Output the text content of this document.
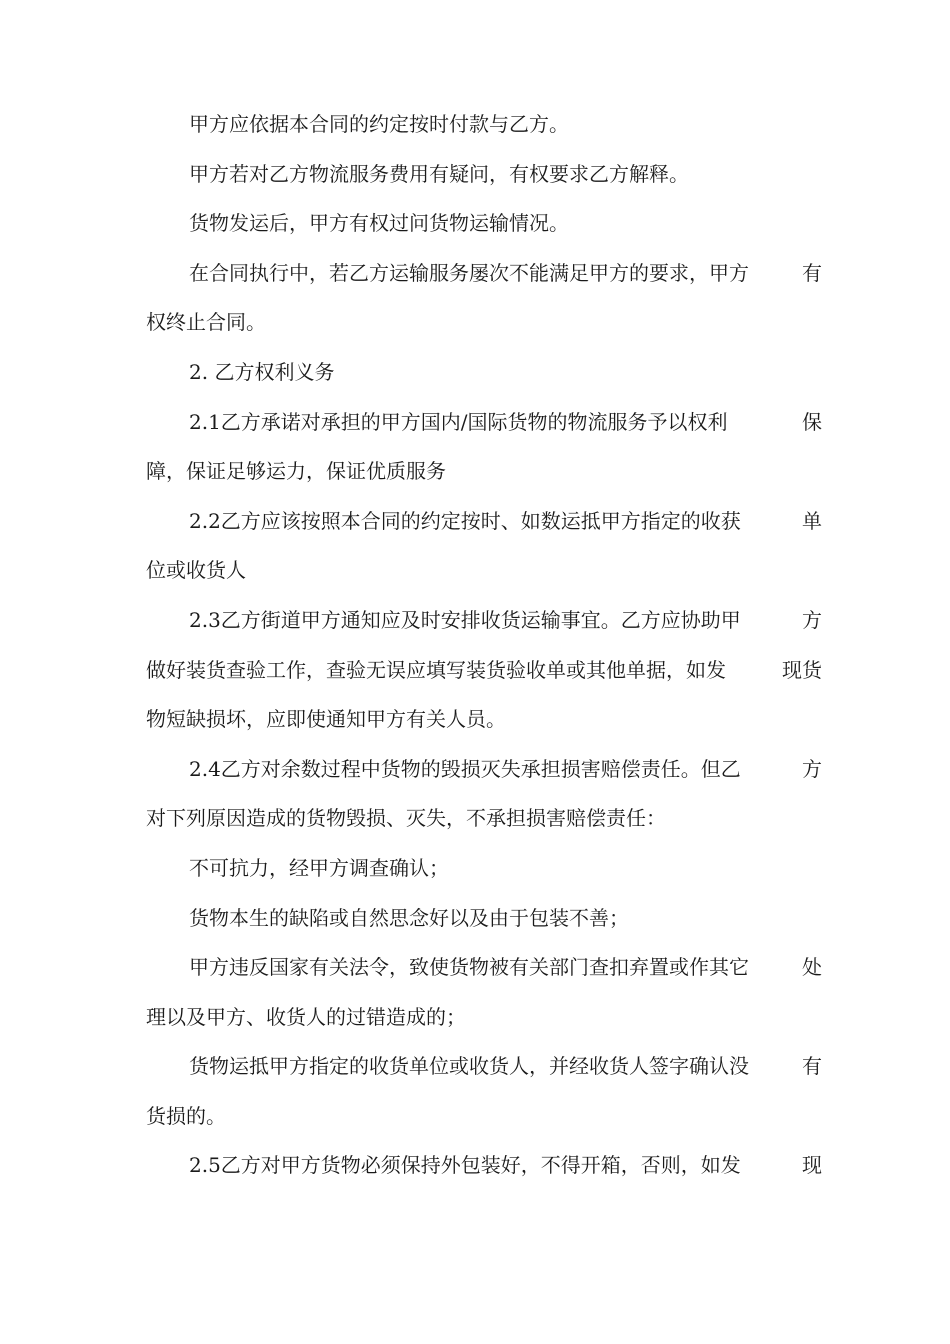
甲方应依据本合同的约定按时付款与乙方。
甲方若对乙方物流服务费用有疑问，有权要求乙方解释。
货物发运后，甲方有权过问货物运输情况。
在合同执行中，若乙方运输服务屡次不能满足甲方的要求，甲方	有
权终止合同。
2. 乙方权利义务
2.1乙方承诺对承担的甲方国内/国际货物的物流服务予以权利	保
障，保证足够运力，保证优质服务
2.2乙方应该按照本合同的约定按时、如数运抵甲方指定的收获	单
位或收货人
2.3乙方街道甲方通知应及时安排收货运输事宜。乙方应协助甲	方
做好装货查验工作，查验无误应填写装货验收单或其他单据，如发	现货
物短缺损坏，应即使通知甲方有关人员。
2.4乙方对余数过程中货物的毁损灭失承担损害赔偿责任。但乙	方
对下列原因造成的货物毁损、灭失，不承担损害赔偿责任：
不可抗力，经甲方调查确认；
货物本生的缺陷或自然思念好以及由于包装不善；
甲方违反国家有关法令，致使货物被有关部门查扣弃置或作其它	处
理以及甲方、收货人的过错造成的；
货物运抵甲方指定的收货单位或收货人，并经收货人签字确认没	有
货损的。
2.5乙方对甲方货物必须保持外包装好，不得开箱，否则，如发	现
